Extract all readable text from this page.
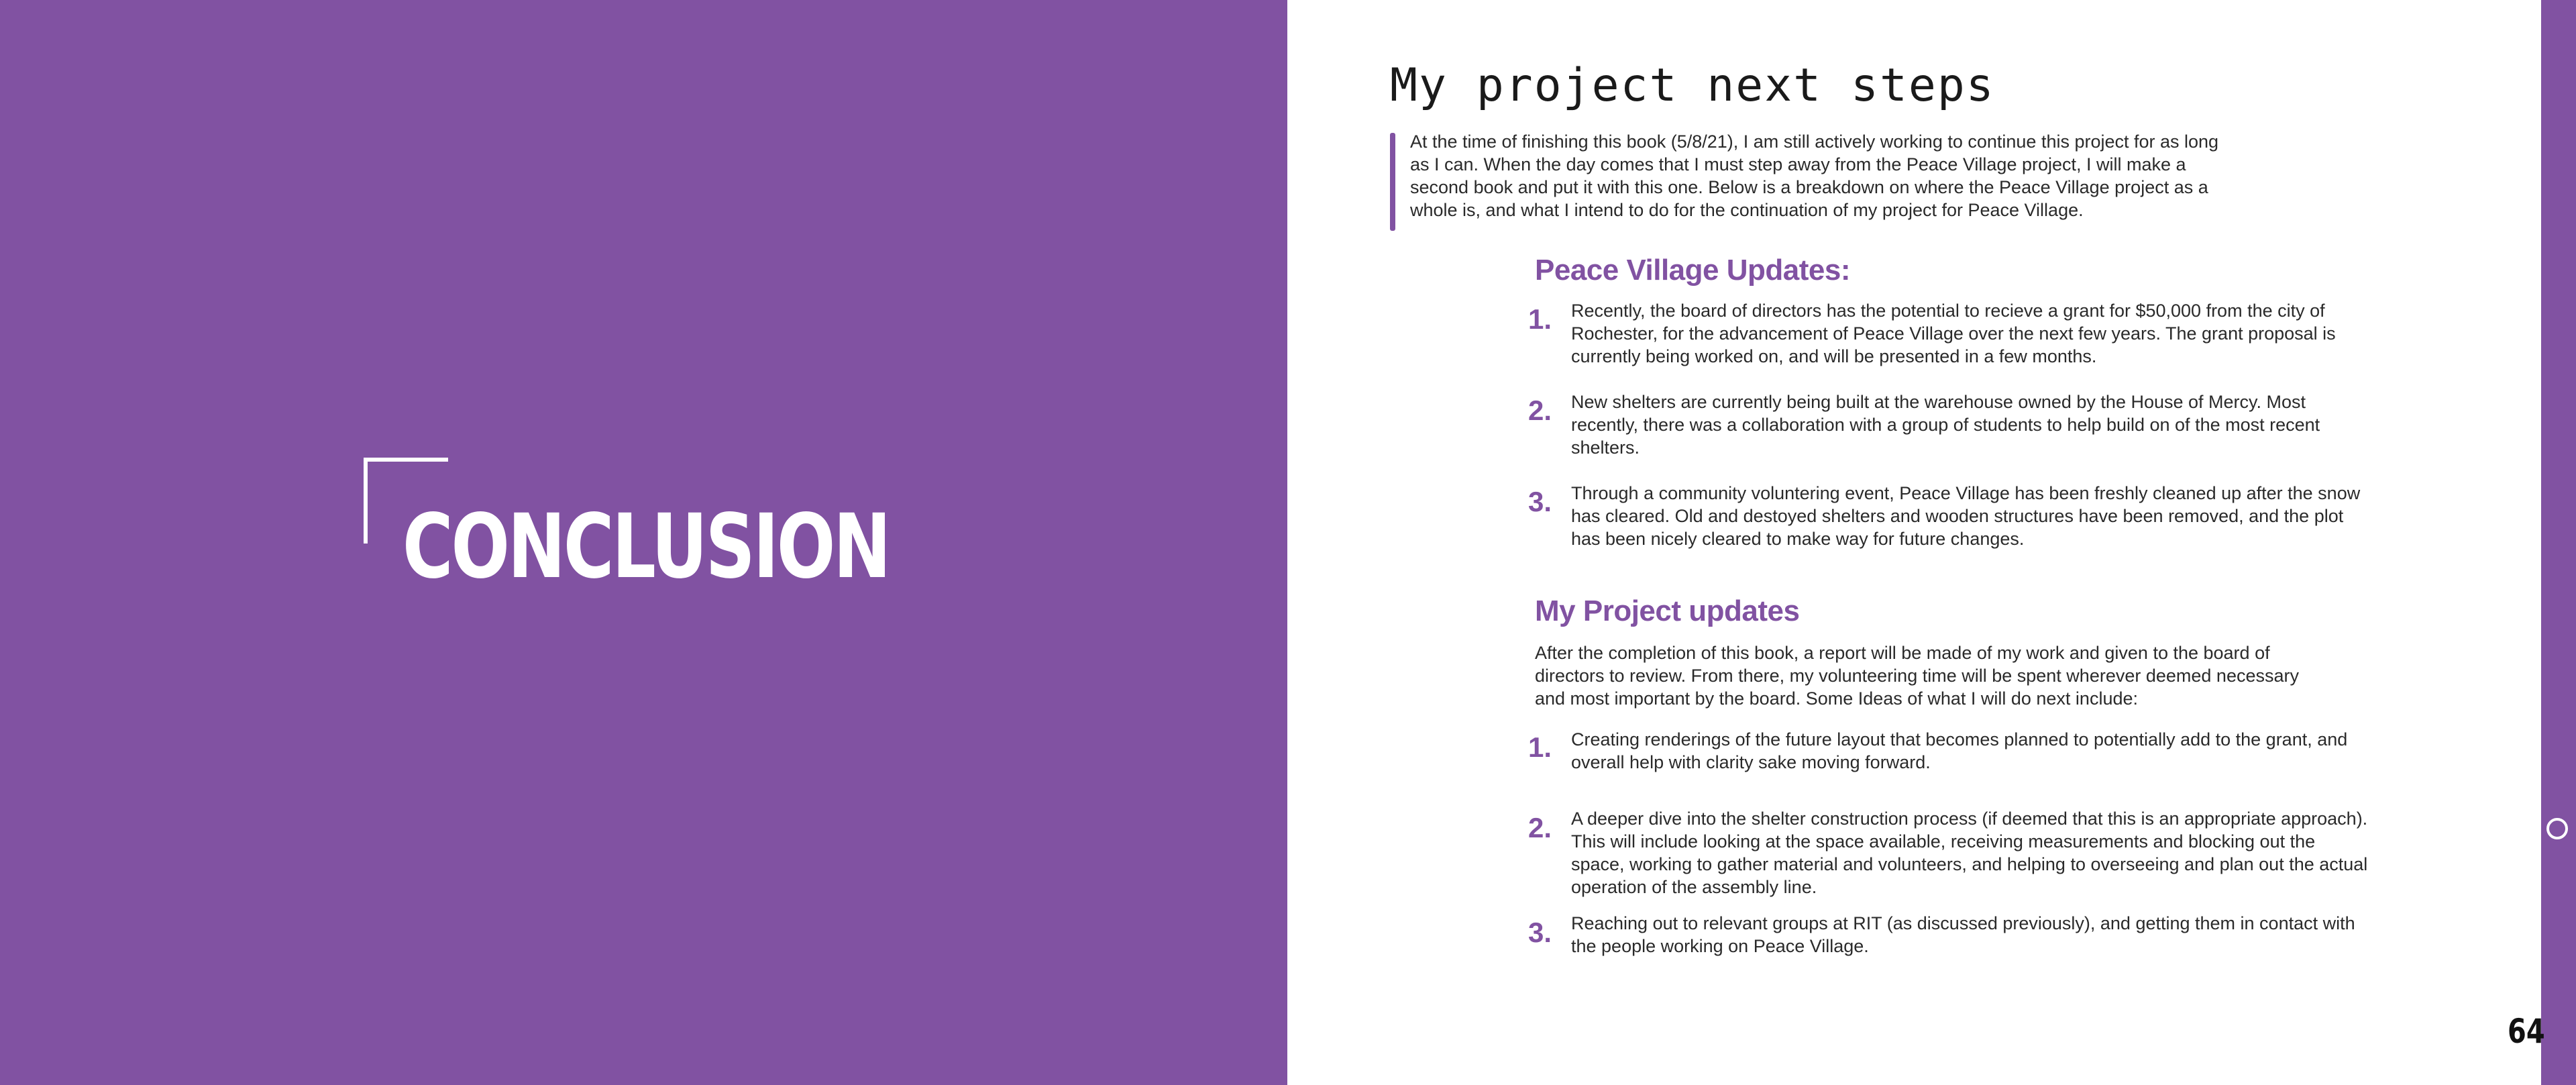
CONCLUSION
My project next steps
At the time of finishing this book (5/8/21), I am still actively working to continue this project for as long as I can. When the day comes that I must step away from the Peace Village project, I will make a second book and put it with this one. Below is a breakdown on where the Peace Village project as a whole is, and what I intend to do for the continuation of my project for Peace Village.
Peace Village Updates:
1.	Recently, the board of directors has the potential to recieve a grant for $50,000 from the city of Rochester, for the advancement of Peace Village over the next few years. The grant proposal is currently being worked on, and will be presented in a few months.
2.	New shelters are currently being built at the warehouse owned by the House of Mercy. Most recently, there was a collaboration with a group of students to help build on of the most recent shelters.
3.	Through a community voluntering event, Peace Village has been freshly cleaned up after the snow has cleared. Old and destoyed shelters and wooden structures have been removed, and the plot has been nicely cleared to make way for future changes.
My Project updates
After the completion of this book, a report will be made of my work and given to the board of directors to review. From there, my volunteering time will be spent wherever deemed necessary and most important by the board. Some Ideas of what I will do next include:
1.	Creating renderings of the future layout that becomes planned to potentially add to the grant, and overall help with clarity sake moving forward.
2.	A deeper dive into the shelter construction process (if deemed that this is an appropriate approach). This will include looking at the space available, receiving measurements and blocking out the space, working to gather material and volunteers, and helping to overseeing and plan out the actual operation of the assembly line.
3.	Reaching out to relevant groups at RIT (as discussed previously), and getting them in contact with the people working on Peace Village.
64
